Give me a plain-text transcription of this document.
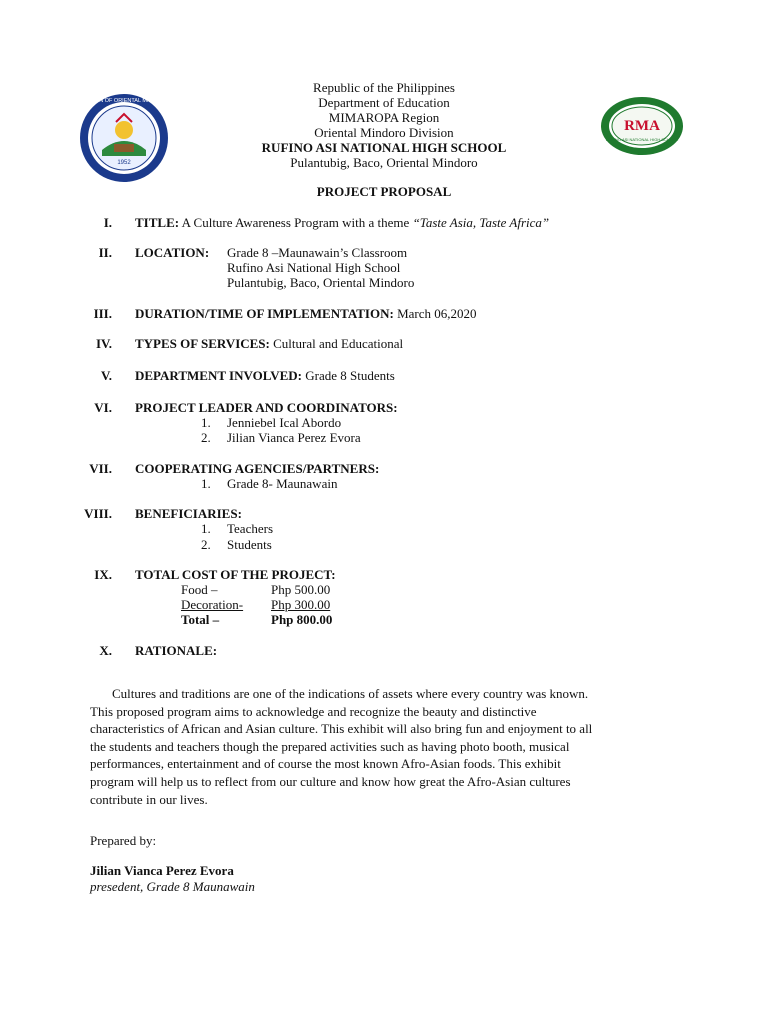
1952
DIVISION OF ORIENTAL MINDORO
RMA
RUFINO ASI NATIONAL HIGH SCHOOL
Republic of the Philippines
Department of Education
MIMAROPA Region
Oriental Mindoro Division
RUFINO ASI NATIONAL HIGH SCHOOL
Pulantubig, Baco, Oriental Mindoro
PROJECT PROPOSAL
I. TITLE: A Culture Awareness Program with a theme “Taste Asia, Taste Africa”
II. LOCATION: Grade 8 –Maunawain’s Classroom
Rufino Asi National High School
Pulantubig, Baco, Oriental Mindoro
III. DURATION/TIME OF IMPLEMENTATION: March 06,2020
IV. TYPES OF SERVICES: Cultural and Educational
V. DEPARTMENT INVOLVED: Grade 8 Students
VI. PROJECT LEADER AND COORDINATORS:
1. Jenniebel Ical Abordo
2. Jilian Vianca Perez Evora
VII. COOPERATING AGENCIES/PARTNERS:
1. Grade 8- Maunawain
VIII. BENEFICIARIES:
1. Teachers
2. Students
IX. TOTAL COST OF THE PROJECT:
Food –	Php 500.00
Decoration- Php 300.00
Total –	Php 800.00
X. RATIONALE:
Cultures and traditions are one of the indications of assets where every country was known.
This proposed program aims to acknowledge and recognize the beauty and distinctive
characteristics of African and Asian culture. This exhibit will also bring fun and enjoyment to all
the students and teachers though the prepared activities such as having photo booth, musical
performances, entertainment and of course the most known Afro-Asian foods. This exhibit
program will help us to reflect from our culture and know how great the Afro-Asian cultures
contribute in our lives.
Prepared by:
Jilian Vianca Perez Evora
presedent, Grade 8 Maunawain
